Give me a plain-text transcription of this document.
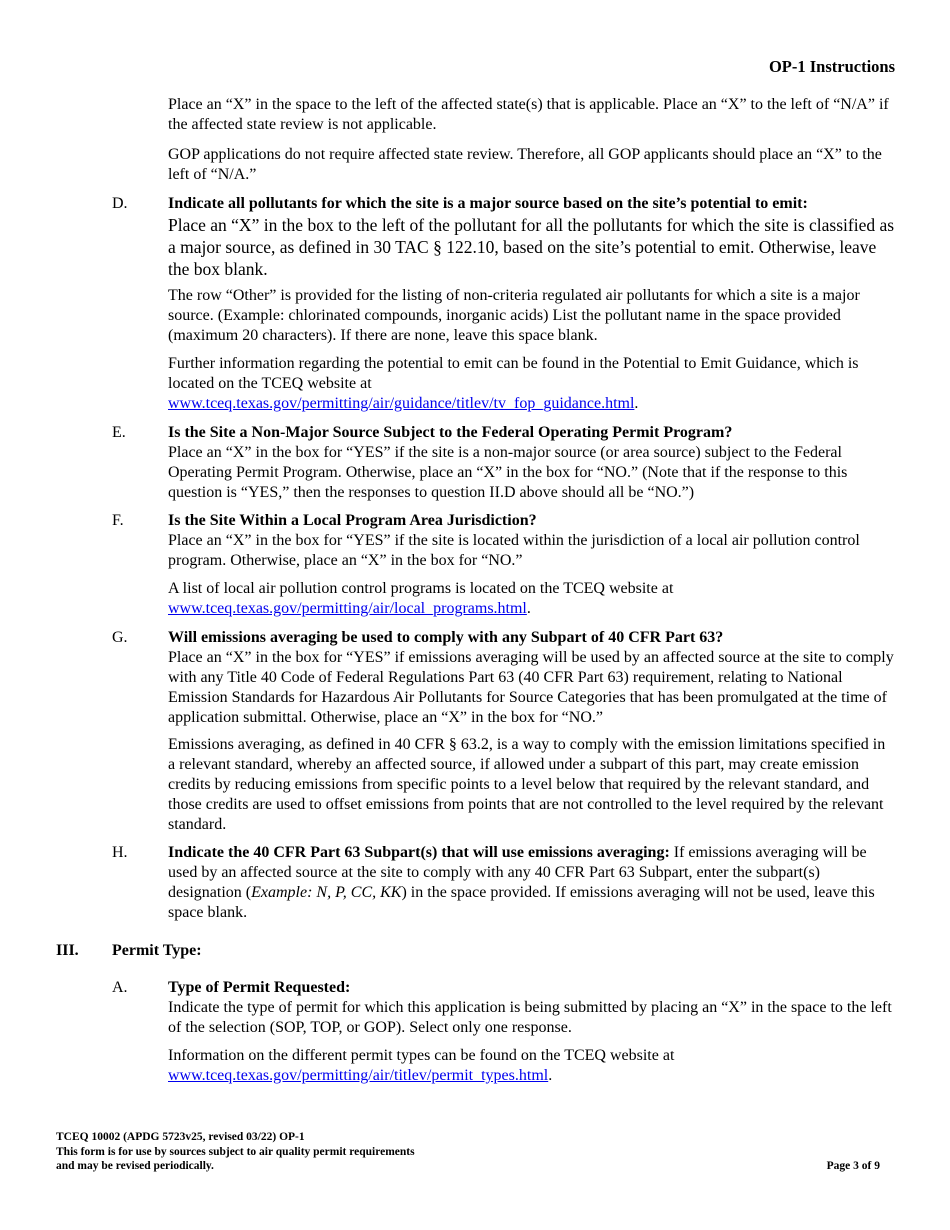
OP-1 Instructions

Place an “X” in the space to the left of the affected state(s) that is applicable. Place an “X” to the left of “N/A” if the affected state review is not applicable.

GOP applications do not require affected state review. Therefore, all GOP applicants should place an “X” to the left of “N/A.”

D.	Indicate all pollutants for which the site is a major source based on the site’s potential to emit:

Place an “X” in the box to the left of the pollutant for all the pollutants for which the site is classified as a major source, as defined in 30 TAC § 122.10, based on the site’s potential to emit. Otherwise, leave the box blank.

The row “Other” is provided for the listing of non-criteria regulated air pollutants for which a site is a major source. (Example: chlorinated compounds, inorganic acids) List the pollutant name in the space provided (maximum 20 characters). If there are none, leave this space blank.

Further information regarding the potential to emit can be found in the Potential to Emit Guidance, which is located on the TCEQ website at
www.tceq.texas.gov/permitting/air/guidance/titlev/tv_fop_guidance.html.

E.	Is the Site a Non-Major Source Subject to the Federal Operating Permit Program?

Place an “X” in the box for “YES” if the site is a non-major source (or area source) subject to the Federal Operating Permit Program. Otherwise, place an “X” in the box for “NO.” (Note that if the response to this question is “YES,” then the responses to question II.D above should all be “NO.”)

F.	Is the Site Within a Local Program Area Jurisdiction?

Place an “X” in the box for “YES” if the site is located within the jurisdiction of a local air pollution control program. Otherwise, place an “X” in the box for “NO.”

A list of local air pollution control programs is located on the TCEQ website at
www.tceq.texas.gov/permitting/air/local_programs.html.

G.	Will emissions averaging be used to comply with any Subpart of 40 CFR Part 63?

Place an “X” in the box for “YES” if emissions averaging will be used by an affected source at the site to comply with any Title 40 Code of Federal Regulations Part 63 (40 CFR Part 63) requirement, relating to National Emission Standards for Hazardous Air Pollutants for Source Categories that has been promulgated at the time of application submittal. Otherwise, place an “X” in the box for “NO.”

Emissions averaging, as defined in 40 CFR § 63.2, is a way to comply with the emission limitations specified in a relevant standard, whereby an affected source, if allowed under a subpart of this part, may create emission credits by reducing emissions from specific points to a level below that required by the relevant standard, and those credits are used to offset emissions from points that are not controlled to the level required by the relevant standard.

H.	Indicate the 40 CFR Part 63 Subpart(s) that will use emissions averaging: If emissions averaging will be used by an affected source at the site to comply with any 40 CFR Part 63 Subpart, enter the subpart(s) designation (Example: N, P, CC, KK) in the space provided. If emissions averaging will not be used, leave this space blank.

III. Permit Type:
A.	Type of Permit Requested:

Indicate the type of permit for which this application is being submitted by placing an “X” in the space to the left of the selection (SOP, TOP, or GOP). Select only one response.

Information on the different permit types can be found on the TCEQ website at
www.tceq.texas.gov/permitting/air/titlev/permit_types.html.

TCEQ 10002 (APDG 5723v25, revised 03/22) OP-1
This form is for use by sources subject to air quality permit requirements
and may be revised periodically.	Page 3 of 9
